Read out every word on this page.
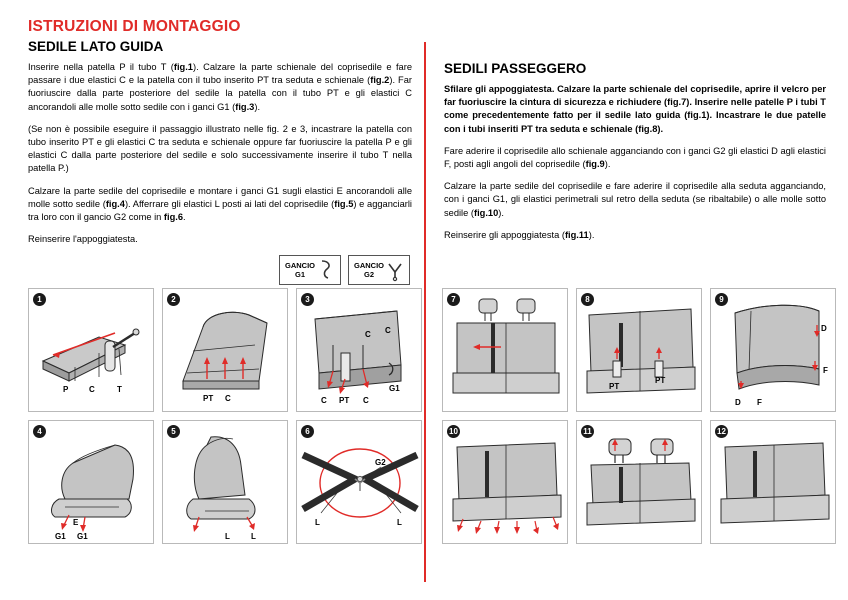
ISTRUZIONI DI MONTAGGIO
SEDILE LATO GUIDA

Inserire nella patella P il tubo T (fig.1). Calzare la parte schienale del coprisedile e fare passare i due elastici C e la patella con il tubo inserito PT tra seduta e schienale (fig.2). Far fuoriuscire dalla parte posteriore del sedile la patella con il tubo PT e gli elastici C ancorandoli alle molle sotto sedile con i ganci G1 (fig.3).

(Se non è possibile eseguire il passaggio illustrato nelle fig. 2 e 3, incastrare la patella con tubo inserito PT e gli elastici C tra seduta e schienale oppure far fuoriuscire la patella P e gli elastici C dalla parte posteriore del sedile e solo successivamente inserire il tubo T nella patella P.)

Calzare la parte sedile del coprisedile e montare i ganci G1 sugli elastici E ancorandoli alle molle sotto sedile (fig.4). Afferrare gli elastici L posti ai lati del coprisedile (fig.5) e agganciarli tra loro con il gancio G2 come in fig.6.

Reinserire l'appoggiatesta.

GANCIO
G1
GANCIO
G2
SEDILI PASSEGGERO

Sfilare gli appoggiatesta. Calzare la parte schienale del coprisedile, aprire il velcro per far fuoriuscire la cintura di sicurezza e richiudere (fig.7). Inserire nelle patelle P i tubi T come precedentemente fatto per il sedile lato guida (fig.1). Incastrare le due patelle con i tubi inseriti PT tra seduta e schienale (fig.8).

Fare aderire il coprisedile allo schienale agganciando con i ganci G2 gli elastici D agli elastici F, posti agli angoli del coprisedile (fig.9).

Calzare la parte sedile del coprisedile e fare aderire il coprisedile alla seduta agganciando, con i ganci G1, gli elastici perimetrali sul retro della seduta (se ribaltabile) o alle molle sotto sedile (fig.10).

Reinserire gli appoggiatesta (fig.11).

1
P	C	T
2
PT C
3
C C
C PT C
G1
4
E
G1 G1
5
L	L
6
G2
L	L
7	8
PT
PT
9
D
F
D F
10	11	12
